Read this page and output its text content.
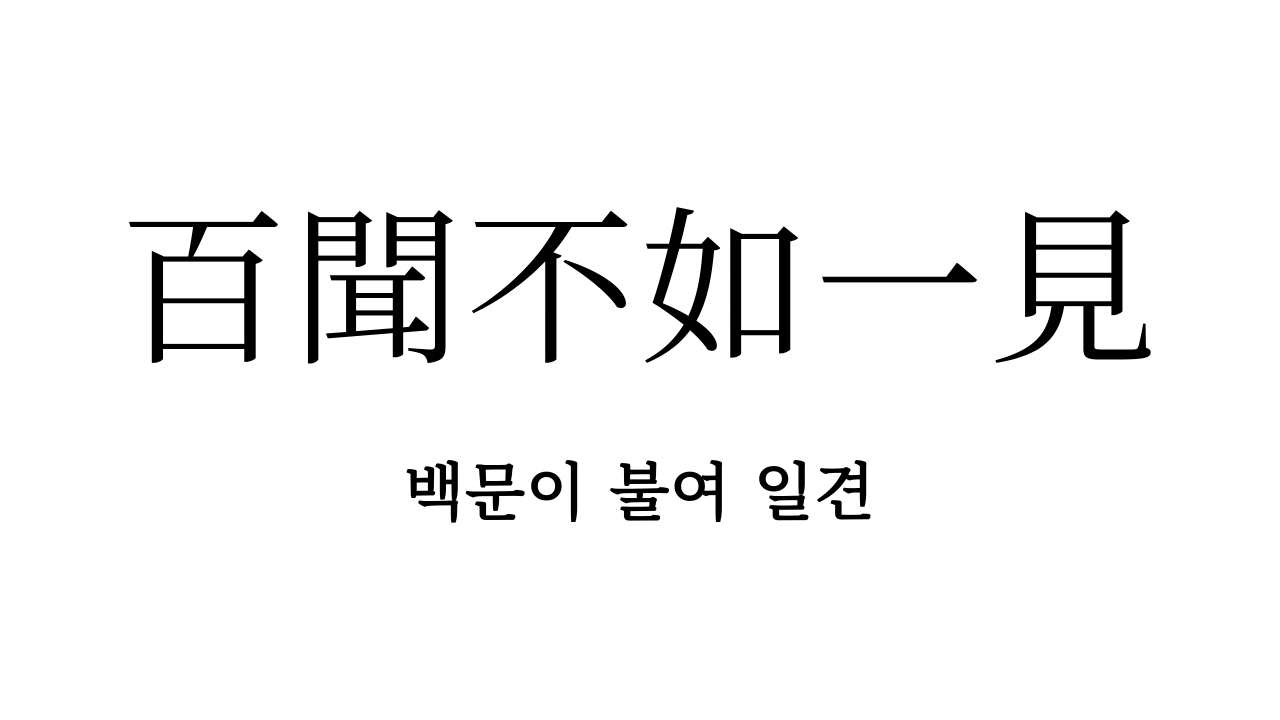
百聞不如一見
백문이 불여 일견
